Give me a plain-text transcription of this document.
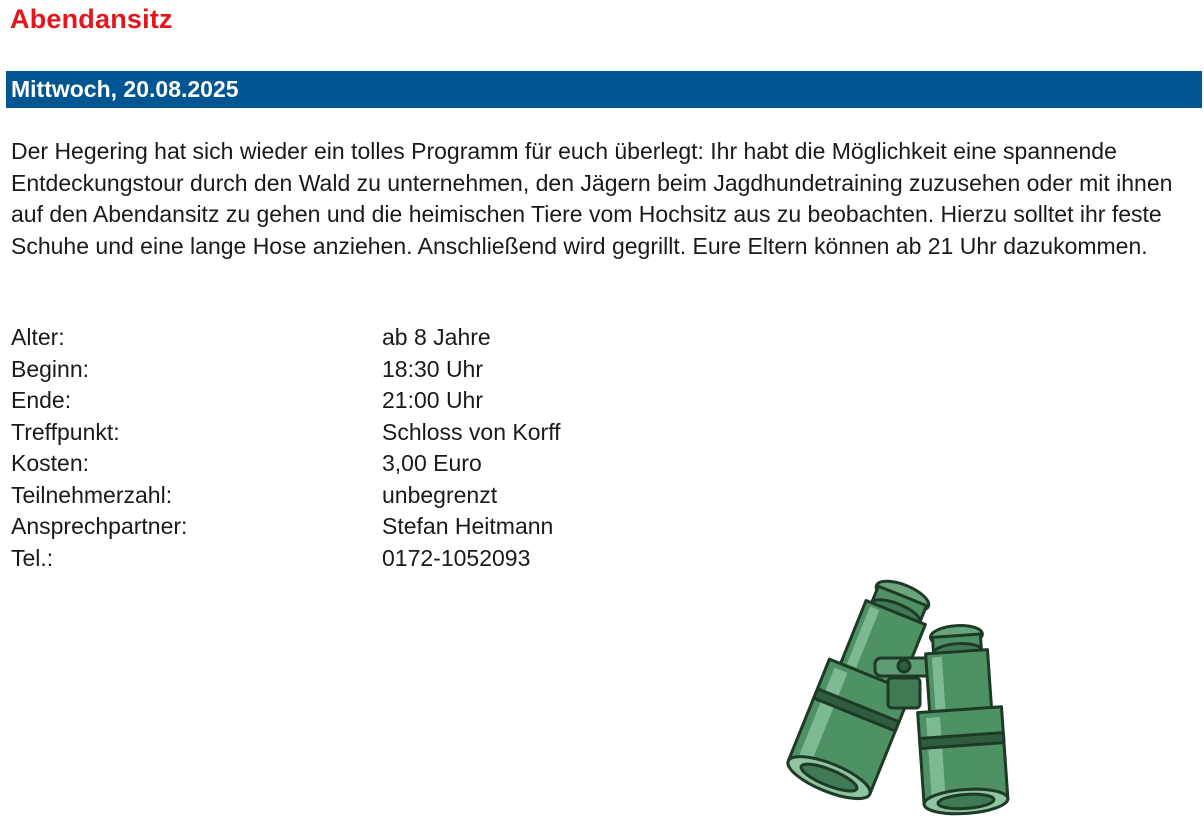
Abendansitz
Mittwoch, 20.08.2025

Der Hegering hat sich wieder ein tolles Programm für euch überlegt: Ihr habt die Möglichkeit eine spannende Entdeckungstour durch den Wald zu unternehmen, den Jägern beim Jagdhundetraining zuzusehen oder mit ihnen auf den Abendansitz zu gehen und die heimischen Tiere vom Hochsitz aus zu beobachten. Hierzu solltet ihr feste Schuhe und eine lange Hose anziehen. Anschließend wird gegrillt. Eure Eltern können ab 21 Uhr dazukommen.

Alter:	ab 8 Jahre
Beginn:	18:30 Uhr
Ende:	21:00 Uhr
Treffpunkt:	Schloss von Korff
Kosten:	3,00 Euro
Teilnehmerzahl:	unbegrenzt
Ansprechpartner:	Stefan Heitmann
Tel.:	0172-1052093
